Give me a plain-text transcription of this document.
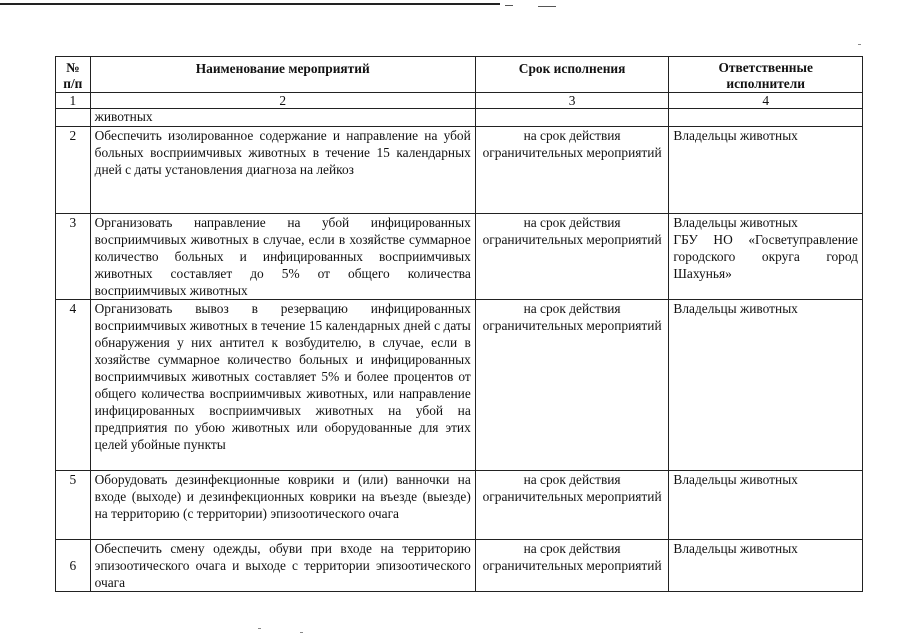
№
п/п	Наименование мероприятий	Срок исполнения	Ответственные
исполнители
1	2	3	4
	животных		
2	Обеспечить изолированное содержание и направление на убой больных восприимчивых животных в течение 15 календарных дней с даты установления диагноза на лейкоз	на срок действия ограничительных мероприятий	Владельцы животных
3	Организовать направление на убой инфицированных восприимчивых животных в случае, если в хозяйстве суммарное количество больных и инфицированных восприимчивых животных составляет до 5% от общего количества восприимчивых животных	на срок действия ограничительных мероприятий	Владельцы животных
ГБУ НО «Госветуправление городского округа город Шахунья»
4	Организовать вывоз в резервацию инфицированных восприимчивых животных в течение 15 календарных дней с даты обнаружения у них антител к возбудителю, в случае, если в хозяйстве суммарное количество больных и инфицированных восприимчивых животных составляет 5% и более процентов от общего количества восприимчивых животных, или направление инфицированных восприимчивых животных на убой на предприятия по убою животных или оборудованные для этих целей убойные пункты	на срок действия ограничительных мероприятий	Владельцы животных
5	Оборудовать дезинфекционные коврики и (или) ванночки на входе (выходе) и дезинфекционных коврики на въезде (выезде) на территорию (с территории) эпизоотического очага	на срок действия ограничительных мероприятий	Владельцы животных
6	Обеспечить смену одежды, обуви при входе на территорию эпизоотического очага и выходе с территории эпизоотического очага	на срок действия ограничительных мероприятий	Владельцы животных
